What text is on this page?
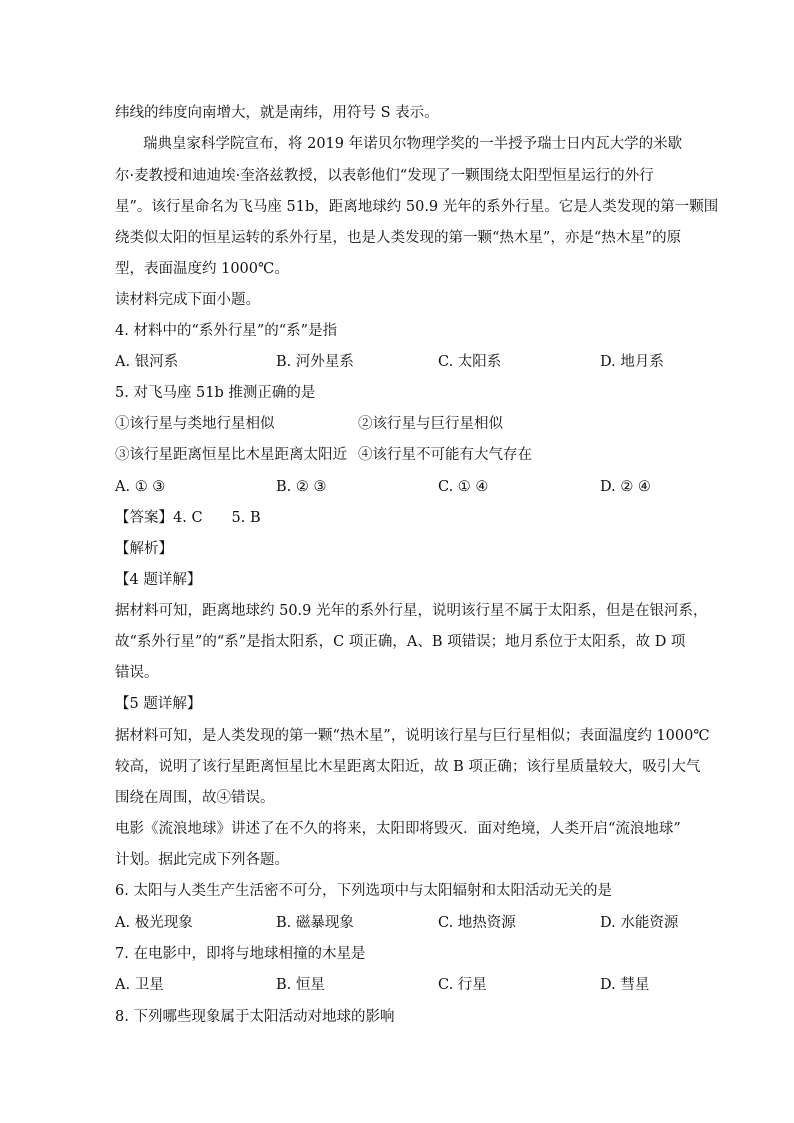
纬线的纬度向南增大，就是南纬，用符号 S 表示。
瑞典皇家科学院宣布，将 2019 年诺贝尔物理学奖的一半授予瑞士日内瓦大学的米歇
尔·麦教授和迪迪埃·奎洛兹教授，以表彰他们“发现了一颗围绕太阳型恒星运行的外行
星”。该行星命名为飞马座 51b，距离地球约 50.9 光年的系外行星。它是人类发现的第一颗围
绕类似太阳的恒星运转的系外行星，也是人类发现的第一颗“热木星”，亦是“热木星”的原
型，表面温度约 1000℃。
读材料完成下面小题。
4. 材料中的“系外行星”的“系”是指
A. 银河系	B. 河外星系	C. 太阳系	D. 地月系
5. 对飞马座 51b 推测正确的是
①该行星与类地行星相似	②该行星与巨行星相似
③该行星距离恒星比木星距离太阳近 ④该行星不可能有大气存在
A. ① ③	B. ② ③	C. ① ④	D. ② ④
【答案】4. C　　5. B
【解析】
【4 题详解】
据材料可知，距离地球约 50.9 光年的系外行星，说明该行星不属于太阳系，但是在银河系，
故“系外行星”的“系”是指太阳系，C 项正确，A、B 项错误；地月系位于太阳系，故 D 项
错误。
【5 题详解】
据材料可知，是人类发现的第一颗“热木星”，说明该行星与巨行星相似；表面温度约 1000℃
较高，说明了该行星距离恒星比木星距离太阳近，故 B 项正确；该行星质量较大，吸引大气
围绕在周围，故④错误。
电影《流浪地球》讲述了在不久的将来，太阳即将毁灭．面对绝境，人类开启“流浪地球”
计划。据此完成下列各题。
6. 太阳与人类生产生活密不可分，下列选项中与太阳辐射和太阳活动无关的是
A. 极光现象	B. 磁暴现象	C. 地热资源	D. 水能资源
7. 在电影中，即将与地球相撞的木星是
A. 卫星	B. 恒星	C. 行星	D. 彗星
8. 下列哪些现象属于太阳活动对地球的影响
